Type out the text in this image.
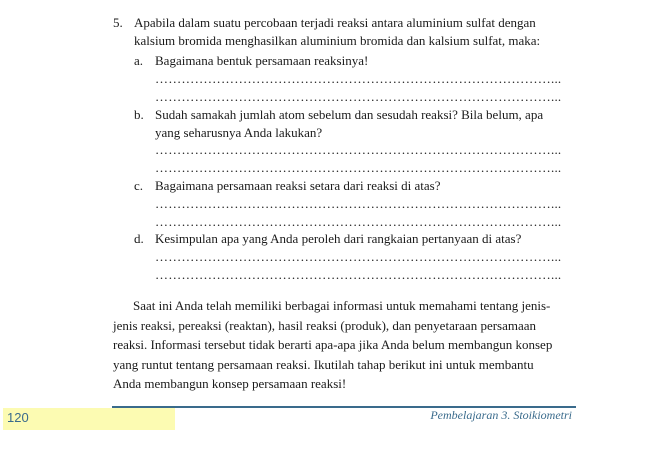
5. Apabila dalam suatu percobaan terjadi reaksi antara aluminium sulfat dengan
kalsium bromida menghasilkan aluminium bromida dan kalsium sulfat, maka:
a. Bagaimana bentuk persamaan reaksinya!
………………………………………………………………………………...
………………………………………………………………………………...
b. Sudah samakah jumlah atom sebelum dan sesudah reaksi? Bila belum, apa
yang seharusnya Anda lakukan?
………………………………………………………………………………...
………………………………………………………………………………...
c. Bagaimana persamaan reaksi setara dari reaksi di atas?
………………………………………………………………………………...
………………………………………………………………………………...
d. Kesimpulan apa yang Anda peroleh dari rangkaian pertanyaan di atas?
………………………………………………………………………………...
………………………………………………………………………………...
Saat ini Anda telah memiliki berbagai informasi untuk memahami tentang jenis-
jenis reaksi, pereaksi (reaktan), hasil reaksi (produk), dan penyetaraan persamaan
reaksi. Informasi tersebut tidak berarti apa-apa jika Anda belum membangun konsep
yang runtut tentang persamaan reaksi. Ikutilah tahap berikut ini untuk membantu
Anda membangun konsep persamaan reaksi!
120	Pembelajaran 3. Stoikiometri
